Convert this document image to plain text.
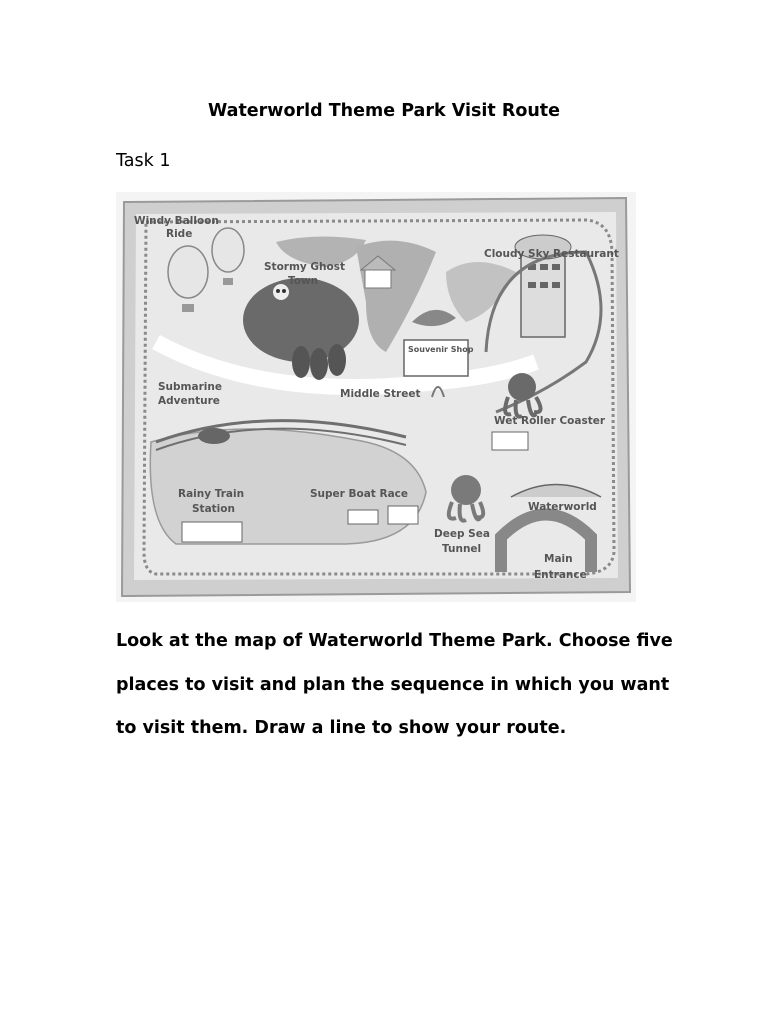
Waterworld Theme Park Visit Route
Task 1
Windy Balloon
Ride
Stormy Ghost
Town
Cloudy Sky Restaurant
Souvenir Shop
Submarine
Adventure
Middle Street
Wet Roller Coaster
Rainy Train
Station
Super Boat Race
Deep Sea
Tunnel
Waterworld
Main
Entrance

Look at the map of Waterworld Theme Park. Choose five places to visit and plan the sequence in which you want to visit them. Draw a line to show your route.
